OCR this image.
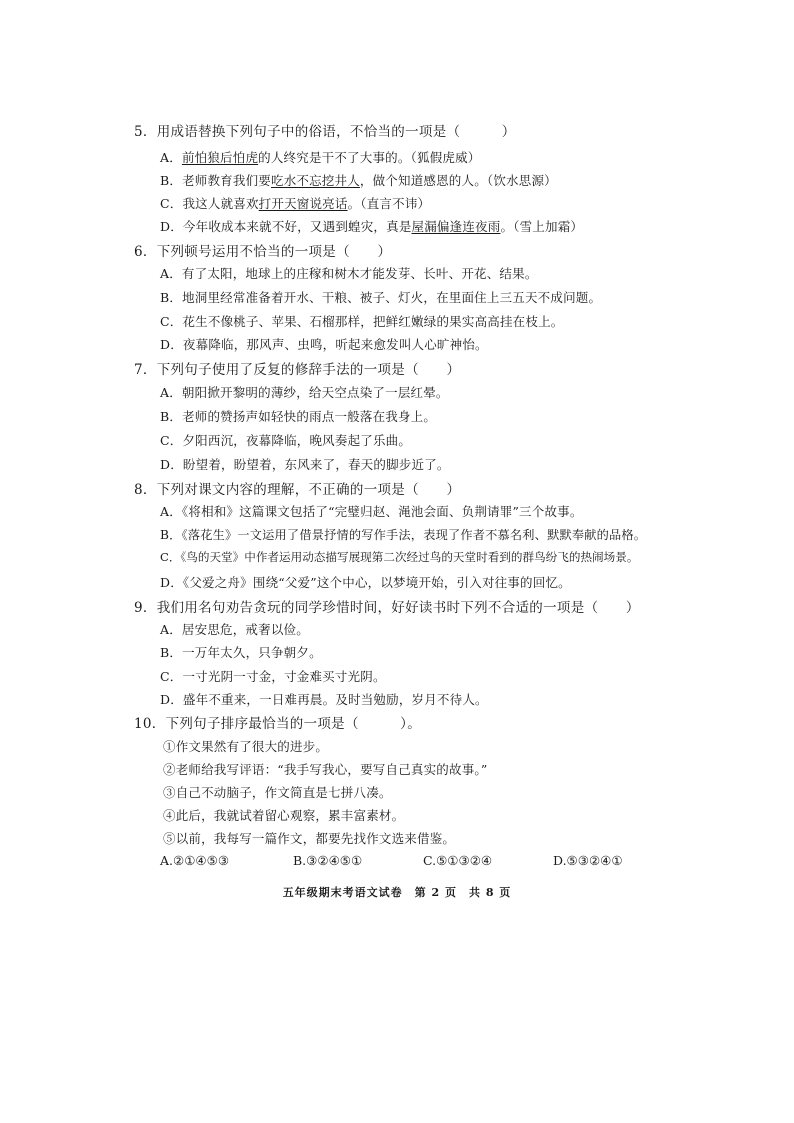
5．用成语替换下列句子中的俗语，不恰当的一项是（　　　）
A．前怕狼后怕虎的人终究是干不了大事的。（狐假虎威）
B．老师教育我们要吃水不忘挖井人，做个知道感恩的人。（饮水思源）
C．我这人就喜欢打开天窗说亮话。（直言不讳）
D．今年收成本来就不好，又遇到蝗灾，真是屋漏偏逢连夜雨。（雪上加霜）
6．下列顿号运用不恰当的一项是（　　）
A．有了太阳，地球上的庄稼和树木才能发芽、长叶、开花、结果。
B．地洞里经常准备着开水、干粮、被子、灯火，在里面住上三五天不成问题。
C．花生不像桃子、苹果、石榴那样，把鲜红嫩绿的果实高高挂在枝上。
D．夜幕降临，那风声、虫鸣，听起来愈发叫人心旷神怡。
7．下列句子使用了反复的修辞手法的一项是（　　）
A．朝阳掀开黎明的薄纱，给天空点染了一层红晕。
B．老师的赞扬声如轻快的雨点一般落在我身上。
C．夕阳西沉，夜幕降临，晚风奏起了乐曲。
D．盼望着，盼望着，东风来了，春天的脚步近了。
8．下列对课文内容的理解，不正确的一项是（　　）
A．《将相和》这篇课文包括了“完璧归赵、渑池会面、负荆请罪”三个故事。
B．《落花生》一文运用了借景抒情的写作手法，表现了作者不慕名利、默默奉献的品格。
C．《鸟的天堂》中作者运用动态描写展现第二次经过鸟的天堂时看到的群鸟纷飞的热闹场景。
D．《父爱之舟》围绕“父爱”这个中心，以梦境开始，引入对往事的回忆。
9．我们用名句劝告贪玩的同学珍惜时间，好好读书时下列不合适的一项是（　　）
A．居安思危，戒奢以俭。
B．一万年太久，只争朝夕。
C．一寸光阴一寸金，寸金难买寸光阴。
D．盛年不重来，一日难再晨。及时当勉励，岁月不待人。
10．下列句子排序最恰当的一项是（　　　）。
①作文果然有了很大的进步。
②老师给我写评语：“我手写我心，要写自己真实的故事。”
③自己不动脑子，作文简直是七拼八凑。
④此后，我就试着留心观察，累丰富素材。
⑤以前，我每写一篇作文，都要先找作文选来借鉴。
A.②①④⑤③	B.③②④⑤①	C.⑤①③②④	D.⑤③②④①
五年级期末考语文试卷　第 2 页　共 8 页
